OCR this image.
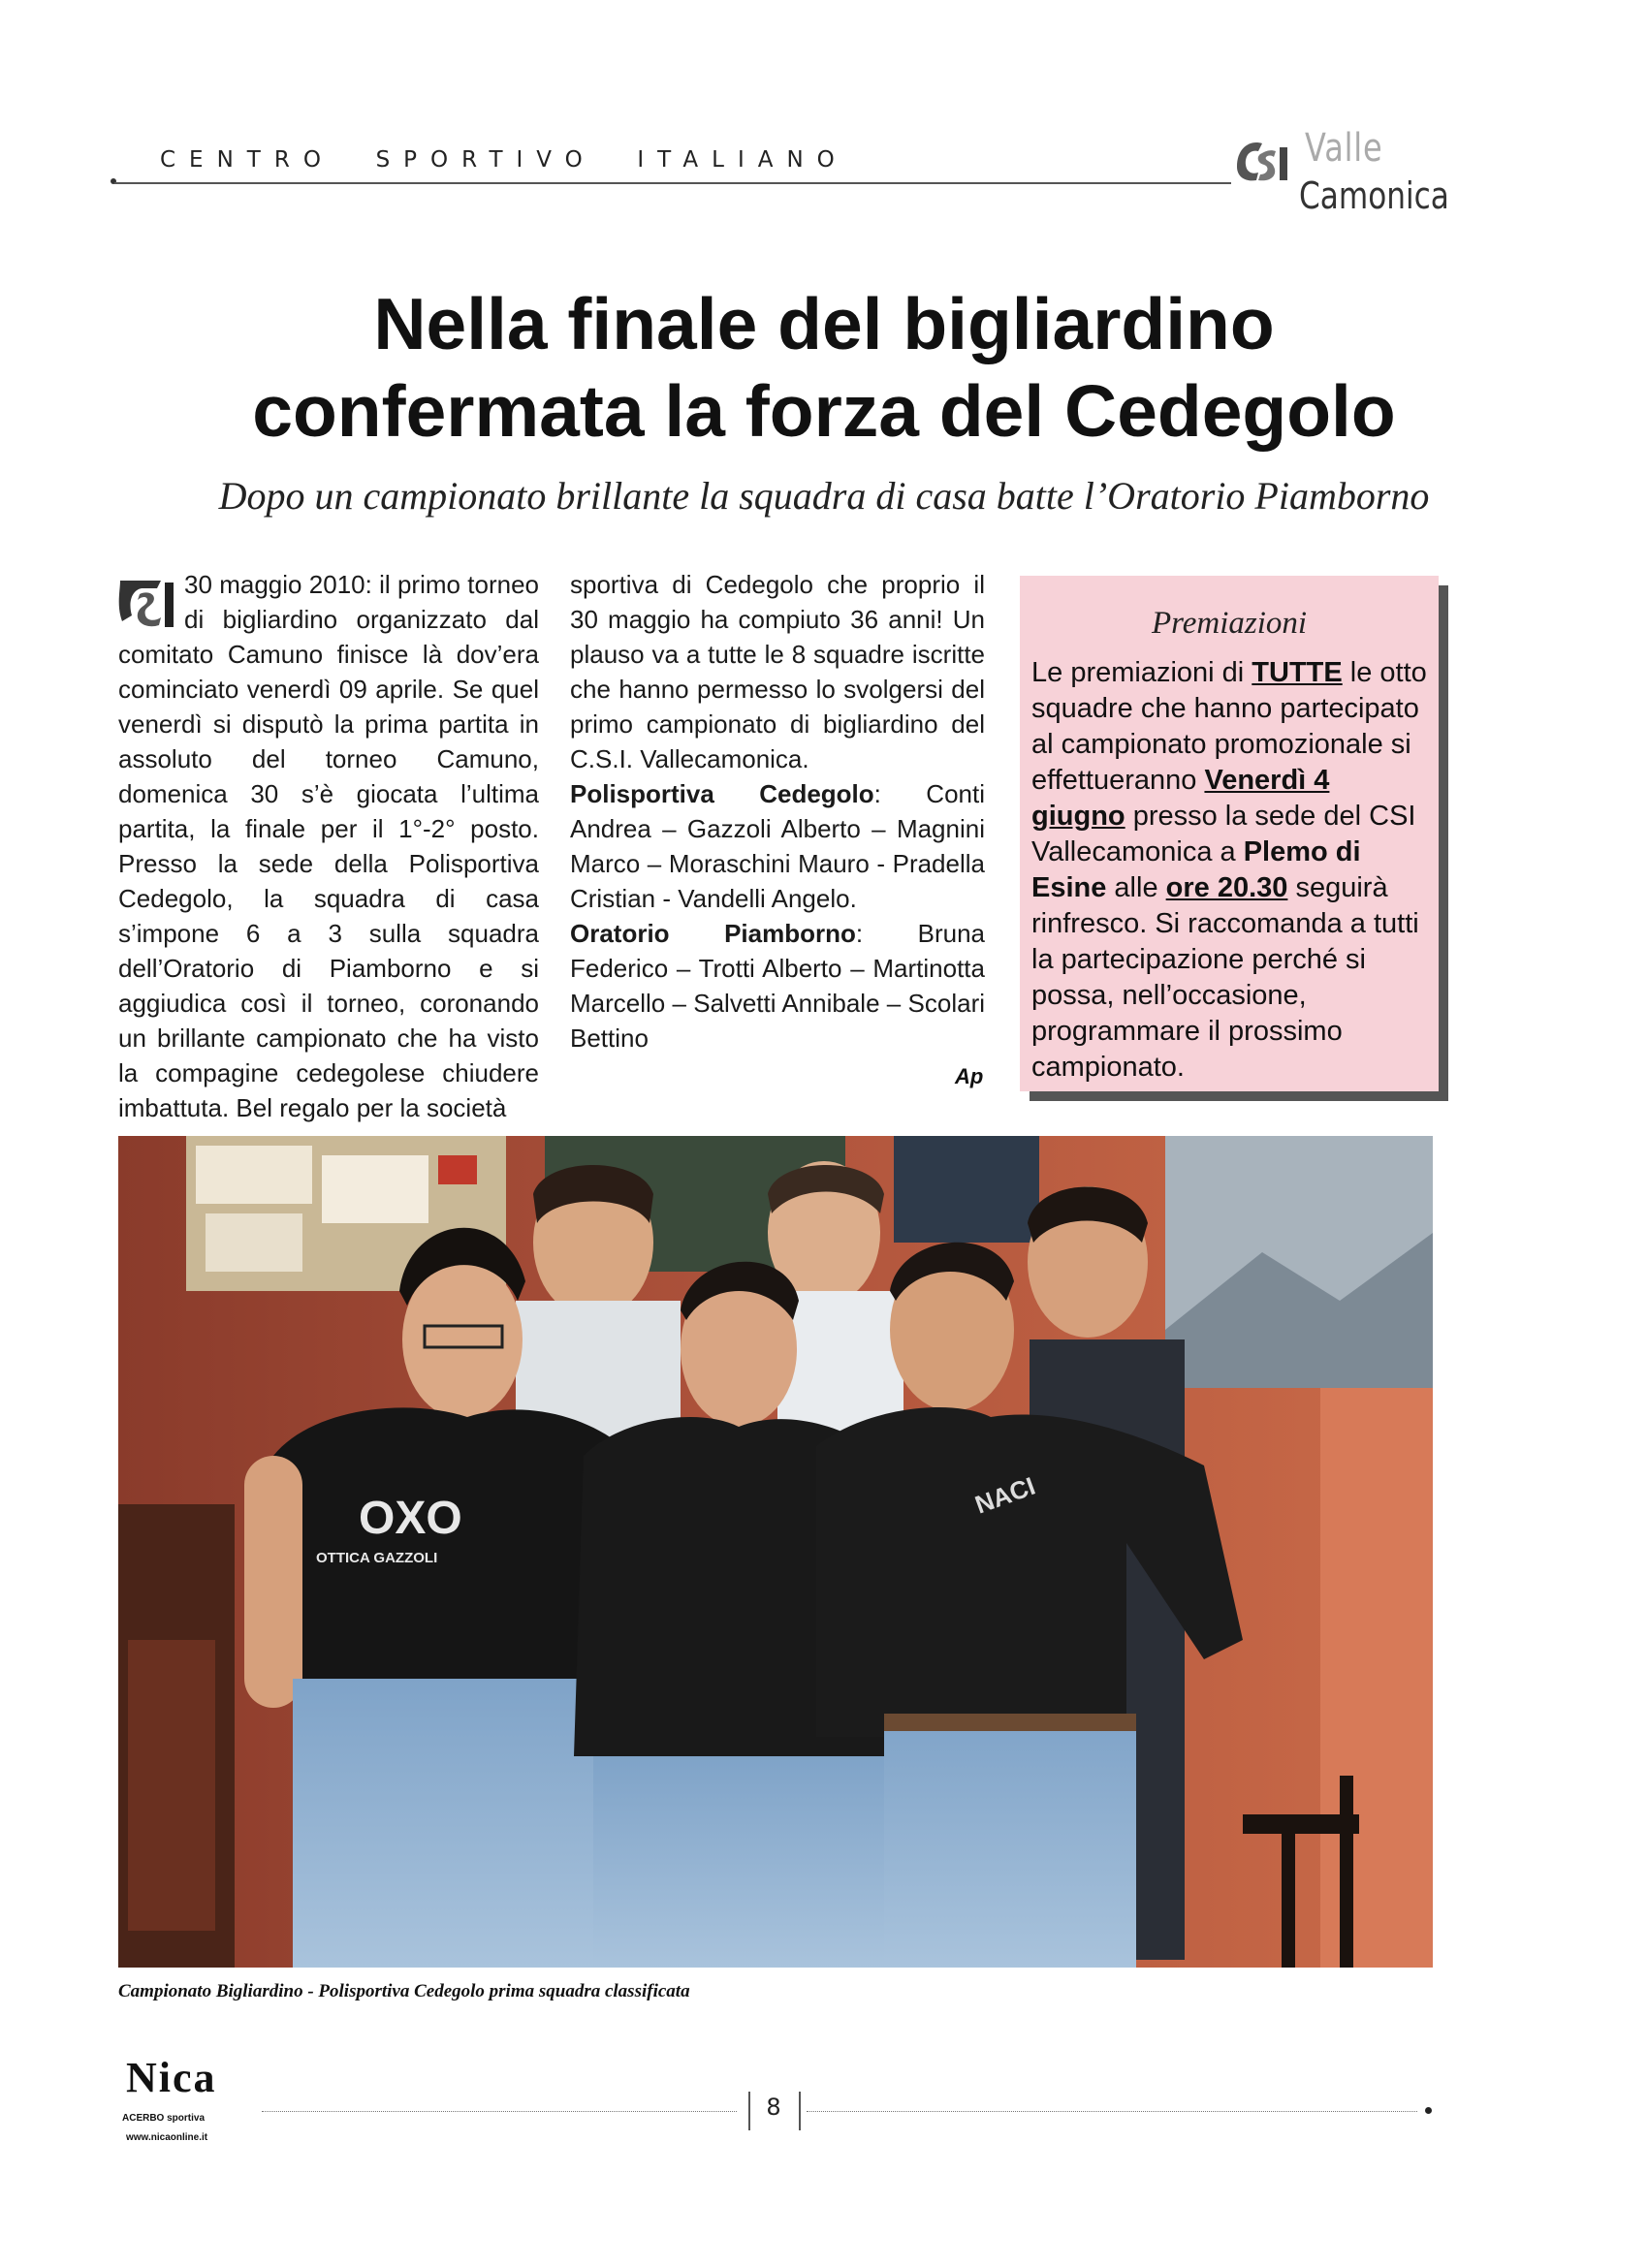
CENTRO SPORTIVO ITALIANO	Valle
Camonica
Nella finale del bigliardino
confermata la forza del Cedegolo
Dopo un campionato brillante la squadra di casa batte l’Oratorio Piamborno

30 maggio 2010: il primo torneo di bigliardino organizzato dal comitato Camuno finisce là dov’era cominciato venerdì 09 aprile. Se quel venerdì si disputò la prima partita in assoluto del torneo Camuno, domenica 30 s’è giocata l’ultima partita, la finale per il 1°-2° posto. Presso la sede della Polisportiva Cedegolo, la squadra di casa s’impone 6 a 3 sulla squadra dell’Oratorio di Piamborno e si aggiudica così il torneo, coronando un brillante campionato che ha visto la compagine cedegolese chiudere imbattuta. Bel regalo per la società

sportiva di Cedegolo che proprio il 30 maggio ha compiuto 36 anni! Un plauso va a tutte le 8 squadre iscritte che hanno permesso lo svolgersi del primo campionato di bigliardino del C.S.I. Vallecamonica.

Polisportiva Cedegolo: Conti Andrea – Gazzoli Alberto – Magnini Marco – Moraschini Mauro - Pradella Cristian - Vandelli Angelo.

Oratorio Piamborno: Bruna Federico – Trotti Alberto – Martinotta Marcello – Salvetti Annibale – Scolari Bettino

Ap
Premiazioni
Le premiazioni di TUTTE le otto squadre che hanno partecipato al campionato promozionale si effettueranno Venerdì 4 giugno presso la sede del CSI Vallecamonica a Plemo di Esine alle ore 20.30 seguirà rinfresco. Si raccomanda a tutti la partecipazione perché si possa, nell’occasione, programmare il prossimo campionato.
OXO
OTTICA GAZZOLI
NACI
Campionato Bigliardino - Polisportiva Cedegolo prima squadra classificata
Nica
ACERBO sportiva
www.nicaonline.it
8
